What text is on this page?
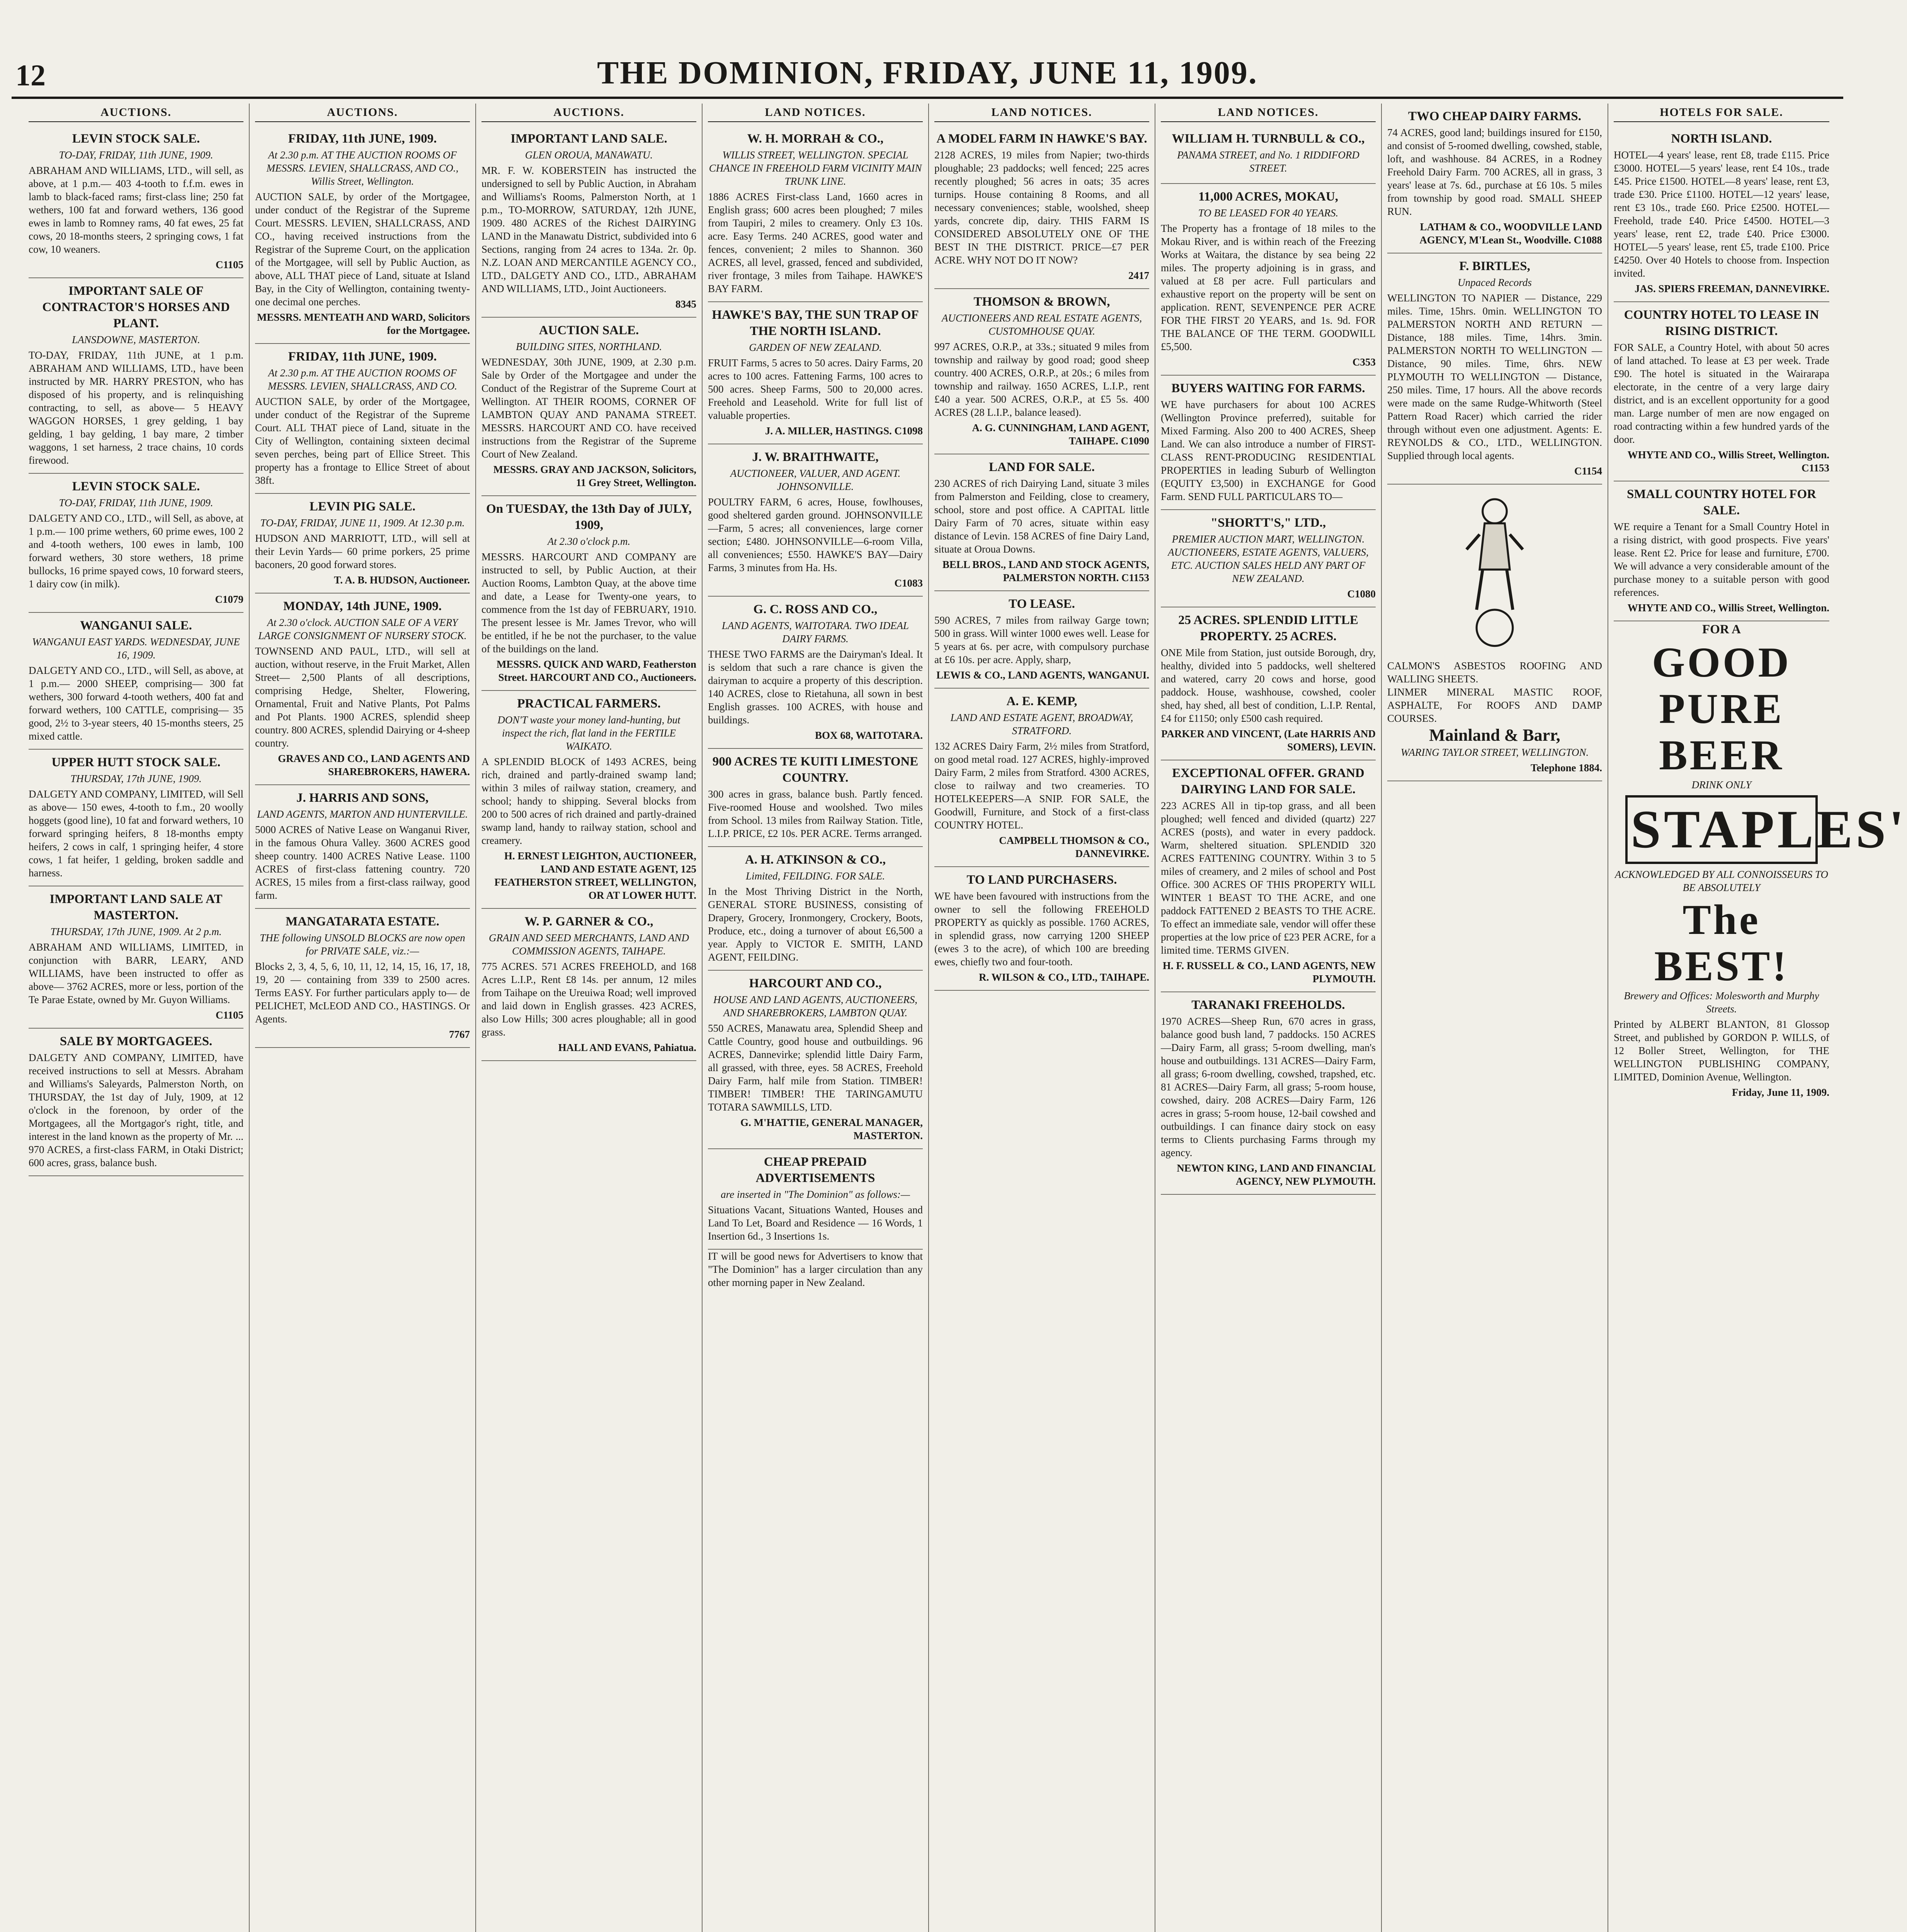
12	THE DOMINION, FRIDAY, JUNE 11, 1909.
AUCTIONS.
LEVIN STOCK SALE.
TO-DAY, FRIDAY, 11th JUNE, 1909.
ABRAHAM AND WILLIAMS, LTD., will sell, as above, at 1 p.m.— 403 4-tooth to f.f.m. ewes in lamb to black-faced rams; first-class line; 250 fat wethers, 100 fat and forward wethers, 136 good ewes in lamb to Romney rams, 40 fat ewes, 25 fat cows, 20 18-months steers, 2 springing cows, 1 fat cow, 10 weaners.
C1105
IMPORTANT SALE OF CONTRACTOR'S HORSES AND PLANT.
LANSDOWNE, MASTERTON.
TO-DAY, FRIDAY, 11th JUNE, at 1 p.m. ABRAHAM AND WILLIAMS, LTD., have been instructed by MR. HARRY PRESTON, who has disposed of his property, and is relinquishing contracting, to sell, as above— 5 HEAVY WAGGON HORSES, 1 grey gelding, 1 bay gelding, 1 bay gelding, 1 bay mare, 2 timber waggons, 1 set harness, 2 trace chains, 10 cords firewood.
LEVIN STOCK SALE.
TO-DAY, FRIDAY, 11th JUNE, 1909.
DALGETY AND CO., LTD., will Sell, as above, at 1 p.m.— 100 prime wethers, 60 prime ewes, 100 2 and 4-tooth wethers, 100 ewes in lamb, 100 forward wethers, 30 store wethers, 18 prime bullocks, 16 prime spayed cows, 10 forward steers, 1 dairy cow (in milk).
C1079
WANGANUI SALE.
WANGANUI EAST YARDS. WEDNESDAY, JUNE 16, 1909.
DALGETY AND CO., LTD., will Sell, as above, at 1 p.m.— 2000 SHEEP, comprising— 300 fat wethers, 300 forward 4-tooth wethers, 400 fat and forward wethers, 100 CATTLE, comprising— 35 good, 2½ to 3-year steers, 40 15-months steers, 25 mixed cattle.
UPPER HUTT STOCK SALE.
THURSDAY, 17th JUNE, 1909.
DALGETY AND COMPANY, LIMITED, will Sell as above— 150 ewes, 4-tooth to f.m., 20 woolly hoggets (good line), 10 fat and forward wethers, 10 forward springing heifers, 8 18-months empty heifers, 2 cows in calf, 1 springing heifer, 4 store cows, 1 fat heifer, 1 gelding, broken saddle and harness.
IMPORTANT LAND SALE AT MASTERTON.
THURSDAY, 17th JUNE, 1909. At 2 p.m.
ABRAHAM AND WILLIAMS, LIMITED, in conjunction with BARR, LEARY, AND WILLIAMS, have been instructed to offer as above— 3762 ACRES, more or less, portion of the Te Parae Estate, owned by Mr. Guyon Williams.
C1105
SALE BY MORTGAGEES.
DALGETY AND COMPANY, LIMITED, have received instructions to sell at Messrs. Abraham and Williams's Saleyards, Palmerston North, on THURSDAY, the 1st day of July, 1909, at 12 o'clock in the forenoon, by order of the Mortgagees, all the Mortgagor's right, title, and interest in the land known as the property of Mr. ... 970 ACRES, a first-class FARM, in Otaki District; 600 acres, grass, balance bush.
AUCTIONS.
FRIDAY, 11th JUNE, 1909.
At 2.30 p.m. AT THE AUCTION ROOMS OF MESSRS. LEVIEN, SHALLCRASS, AND CO., Willis Street, Wellington.
AUCTION SALE, by order of the Mortgagee, under conduct of the Registrar of the Supreme Court. MESSRS. LEVIEN, SHALLCRASS, AND CO., having received instructions from the Registrar of the Supreme Court, on the application of the Mortgagee, will sell by Public Auction, as above, ALL THAT piece of Land, situate at Island Bay, in the City of Wellington, containing twenty-one decimal one perches.
MESSRS. MENTEATH AND WARD, Solicitors for the Mortgagee.
FRIDAY, 11th JUNE, 1909.
At 2.30 p.m. AT THE AUCTION ROOMS OF MESSRS. LEVIEN, SHALLCRASS, AND CO.
AUCTION SALE, by order of the Mortgagee, under conduct of the Registrar of the Supreme Court. ALL THAT piece of Land, situate in the City of Wellington, containing sixteen decimal seven perches, being part of Ellice Street. This property has a frontage to Ellice Street of about 38ft.
LEVIN PIG SALE.
TO-DAY, FRIDAY, JUNE 11, 1909. At 12.30 p.m.
HUDSON AND MARRIOTT, LTD., will sell at their Levin Yards— 60 prime porkers, 25 prime baconers, 20 good forward stores.
T. A. B. HUDSON, Auctioneer.
MONDAY, 14th JUNE, 1909.
At 2.30 o'clock. AUCTION SALE OF A VERY LARGE CONSIGNMENT OF NURSERY STOCK.
TOWNSEND AND PAUL, LTD., will sell at auction, without reserve, in the Fruit Market, Allen Street— 2,500 Plants of all descriptions, comprising Hedge, Shelter, Flowering, Ornamental, Fruit and Native Plants, Pot Palms and Pot Plants. 1900 ACRES, splendid sheep country. 800 ACRES, splendid Dairying or 4-sheep country.
GRAVES AND CO., LAND AGENTS AND SHAREBROKERS, HAWERA.
J. HARRIS AND SONS,
LAND AGENTS, MARTON AND HUNTERVILLE.
5000 ACRES of Native Lease on Wanganui River, in the famous Ohura Valley. 3600 ACRES good sheep country. 1400 ACRES Native Lease. 1100 ACRES of first-class fattening country. 720 ACRES, 15 miles from a first-class railway, good farm.
MANGATARATA ESTATE.
THE following UNSOLD BLOCKS are now open for PRIVATE SALE, viz.:—
Blocks 2, 3, 4, 5, 6, 10, 11, 12, 14, 15, 16, 17, 18, 19, 20 — containing from 339 to 2500 acres. Terms EASY. For further particulars apply to— de PELICHET, McLEOD AND CO., HASTINGS. Or Agents.
7767
AUCTIONS.
IMPORTANT LAND SALE.
GLEN OROUA, MANAWATU.
MR. F. W. KOBERSTEIN has instructed the undersigned to sell by Public Auction, in Abraham and Williams's Rooms, Palmerston North, at 1 p.m., TO-MORROW, SATURDAY, 12th JUNE, 1909. 480 ACRES of the Richest DAIRYING LAND in the Manawatu District, subdivided into 6 Sections, ranging from 24 acres to 134a. 2r. 0p. N.Z. LOAN AND MERCANTILE AGENCY CO., LTD., DALGETY AND CO., LTD., ABRAHAM AND WILLIAMS, LTD., Joint Auctioneers.
8345
AUCTION SALE.
BUILDING SITES, NORTHLAND.
WEDNESDAY, 30th JUNE, 1909, at 2.30 p.m. Sale by Order of the Mortgagee and under the Conduct of the Registrar of the Supreme Court at Wellington. AT THEIR ROOMS, CORNER OF LAMBTON QUAY AND PANAMA STREET. MESSRS. HARCOURT AND CO. have received instructions from the Registrar of the Supreme Court of New Zealand.
MESSRS. GRAY AND JACKSON, Solicitors, 11 Grey Street, Wellington.
On TUESDAY, the 13th Day of JULY, 1909,
At 2.30 o'clock p.m.
MESSRS. HARCOURT AND COMPANY are instructed to sell, by Public Auction, at their Auction Rooms, Lambton Quay, at the above time and date, a Lease for Twenty-one years, to commence from the 1st day of FEBRUARY, 1910. The present lessee is Mr. James Trevor, who will be entitled, if he be not the purchaser, to the value of the buildings on the land.
MESSRS. QUICK AND WARD, Featherston Street. HARCOURT AND CO., Auctioneers.
PRACTICAL FARMERS.
DON'T waste your money land-hunting, but inspect the rich, flat land in the FERTILE WAIKATO.
A SPLENDID BLOCK of 1493 ACRES, being rich, drained and partly-drained swamp land; within 3 miles of railway station, creamery, and school; handy to shipping. Several blocks from 200 to 500 acres of rich drained and partly-drained swamp land, handy to railway station, school and creamery.
H. ERNEST LEIGHTON, AUCTIONEER, LAND AND ESTATE AGENT, 125 FEATHERSTON STREET, WELLINGTON, OR AT LOWER HUTT.
W. P. GARNER & CO.,
GRAIN AND SEED MERCHANTS, LAND AND COMMISSION AGENTS, TAIHAPE.
775 ACRES. 571 ACRES FREEHOLD, and 168 Acres L.I.P., Rent £8 14s. per annum, 12 miles from Taihape on the Ureuiwa Road; well improved and laid down in English grasses. 423 ACRES, also Low Hills; 300 acres ploughable; all in good grass.
HALL AND EVANS, Pahiatua.
LAND NOTICES.
W. H. MORRAH & CO.,
WILLIS STREET, WELLINGTON. SPECIAL CHANCE IN FREEHOLD FARM VICINITY MAIN TRUNK LINE.
1886 ACRES First-class Land, 1660 acres in English grass; 600 acres been ploughed; 7 miles from Taupiri, 2 miles to creamery. Only £3 10s. acre. Easy Terms. 240 ACRES, good water and fences, convenient; 2 miles to Shannon. 360 ACRES, all level, grassed, fenced and subdivided, river frontage, 3 miles from Taihape. HAWKE'S BAY FARM.
HAWKE'S BAY, THE SUN TRAP OF THE NORTH ISLAND.
GARDEN OF NEW ZEALAND.
FRUIT Farms, 5 acres to 50 acres. Dairy Farms, 20 acres to 100 acres. Fattening Farms, 100 acres to 500 acres. Sheep Farms, 500 to 20,000 acres. Freehold and Leasehold. Write for full list of valuable properties.
J. A. MILLER, HASTINGS. C1098
J. W. BRAITHWAITE,
AUCTIONEER, VALUER, AND AGENT. JOHNSONVILLE.
POULTRY FARM, 6 acres, House, fowlhouses, good sheltered garden ground. JOHNSONVILLE—Farm, 5 acres; all conveniences, large corner section; £480. JOHNSONVILLE—6-room Villa, all conveniences; £550. HAWKE'S BAY—Dairy Farms, 3 minutes from Ha. Hs.
C1083
G. C. ROSS AND CO.,
LAND AGENTS, WAITOTARA. TWO IDEAL DAIRY FARMS.
THESE TWO FARMS are the Dairyman's Ideal. It is seldom that such a rare chance is given the dairyman to acquire a property of this description. 140 ACRES, close to Rietahuna, all sown in best English grasses. 100 ACRES, with house and buildings.
BOX 68, WAITOTARA.
900 ACRES TE KUITI LIMESTONE COUNTRY.
300 acres in grass, balance bush. Partly fenced. Five-roomed House and woolshed. Two miles from School. 13 miles from Railway Station. Title, L.I.P. PRICE, £2 10s. PER ACRE. Terms arranged.
A. H. ATKINSON & CO.,
Limited, FEILDING. FOR SALE.
In the Most Thriving District in the North, GENERAL STORE BUSINESS, consisting of Drapery, Grocery, Ironmongery, Crockery, Boots, Produce, etc., doing a turnover of about £6,500 a year. Apply to VICTOR E. SMITH, LAND AGENT, FEILDING.
HARCOURT AND CO.,
HOUSE AND LAND AGENTS, AUCTIONEERS, AND SHAREBROKERS, LAMBTON QUAY.
550 ACRES, Manawatu area, Splendid Sheep and Cattle Country, good house and outbuildings. 96 ACRES, Dannevirke; splendid little Dairy Farm, all grassed, with three, eyes. 58 ACRES, Freehold Dairy Farm, half mile from Station. TIMBER! TIMBER! TIMBER! THE TARINGAMUTU TOTARA SAWMILLS, LTD.
G. M'HATTIE, GENERAL MANAGER, MASTERTON.
CHEAP PREPAID ADVERTISEMENTS
are inserted in "The Dominion" as follows:—
Situations Vacant, Situations Wanted, Houses and Land To Let, Board and Residence — 16 Words, 1 Insertion 6d., 3 Insertions 1s.
IT will be good news for Advertisers to know that "The Dominion" has a larger circulation than any other morning paper in New Zealand.
LAND NOTICES.
A MODEL FARM IN HAWKE'S BAY.
2128 ACRES, 19 miles from Napier; two-thirds ploughable; 23 paddocks; well fenced; 225 acres recently ploughed; 56 acres in oats; 35 acres turnips. House containing 8 Rooms, and all necessary conveniences; stable, woolshed, sheep yards, concrete dip, dairy. THIS FARM IS CONSIDERED ABSOLUTELY ONE OF THE BEST IN THE DISTRICT. PRICE—£7 PER ACRE. WHY NOT DO IT NOW?
2417
THOMSON & BROWN,
AUCTIONEERS AND REAL ESTATE AGENTS, CUSTOMHOUSE QUAY.
997 ACRES, O.R.P., at 33s.; situated 9 miles from township and railway by good road; good sheep country. 400 ACRES, O.R.P., at 20s.; 6 miles from township and railway. 1650 ACRES, L.I.P., rent £40 a year. 500 ACRES, O.R.P., at £5 5s. 400 ACRES (28 L.I.P., balance leased).
A. G. CUNNINGHAM, LAND AGENT, TAIHAPE. C1090
LAND FOR SALE.
230 ACRES of rich Dairying Land, situate 3 miles from Palmerston and Feilding, close to creamery, school, store and post office. A CAPITAL little Dairy Farm of 70 acres, situate within easy distance of Levin. 158 ACRES of fine Dairy Land, situate at Oroua Downs.
BELL BROS., LAND AND STOCK AGENTS, PALMERSTON NORTH. C1153
TO LEASE.
590 ACRES, 7 miles from railway Garge town; 500 in grass. Will winter 1000 ewes well. Lease for 5 years at 6s. per acre, with compulsory purchase at £6 10s. per acre. Apply, sharp,
LEWIS & CO., LAND AGENTS, WANGANUI.
A. E. KEMP,
LAND AND ESTATE AGENT, BROADWAY, STRATFORD.
132 ACRES Dairy Farm, 2½ miles from Stratford, on good metal road. 127 ACRES, highly-improved Dairy Farm, 2 miles from Stratford. 4300 ACRES, close to railway and two creameries. TO HOTELKEEPERS—A SNIP. FOR SALE, the Goodwill, Furniture, and Stock of a first-class COUNTRY HOTEL.
CAMPBELL THOMSON & CO., DANNEVIRKE.
TO LAND PURCHASERS.
WE have been favoured with instructions from the owner to sell the following FREEHOLD PROPERTY as quickly as possible. 1760 ACRES, in splendid grass, now carrying 1200 SHEEP (ewes 3 to the acre), of which 100 are breeding ewes, chiefly two and four-tooth.
R. WILSON & CO., LTD., TAIHAPE.
LAND NOTICES.
WILLIAM H. TURNBULL & CO.,
PANAMA STREET, and No. 1 RIDDIFORD STREET.
11,000 ACRES, MOKAU,
TO BE LEASED FOR 40 YEARS.
The Property has a frontage of 18 miles to the Mokau River, and is within reach of the Freezing Works at Waitara, the distance by sea being 22 miles. The property adjoining is in grass, and valued at £8 per acre. Full particulars and exhaustive report on the property will be sent on application. RENT, SEVENPENCE PER ACRE FOR THE FIRST 20 YEARS, and 1s. 9d. FOR THE BALANCE OF THE TERM. GOODWILL £5,500.
C353
BUYERS WAITING FOR FARMS.
WE have purchasers for about 100 ACRES (Wellington Province preferred), suitable for Mixed Farming. Also 200 to 400 ACRES, Sheep Land. We can also introduce a number of FIRST-CLASS RENT-PRODUCING RESIDENTIAL PROPERTIES in leading Suburb of Wellington (EQUITY £3,500) in EXCHANGE for Good Farm. SEND FULL PARTICULARS TO—
"SHORTT'S," LTD.,
PREMIER AUCTION MART, WELLINGTON. AUCTIONEERS, ESTATE AGENTS, VALUERS, ETC. AUCTION SALES HELD ANY PART OF NEW ZEALAND.
C1080
25 ACRES. SPLENDID LITTLE PROPERTY. 25 ACRES.
ONE Mile from Station, just outside Borough, dry, healthy, divided into 5 paddocks, well sheltered and watered, carry 20 cows and horse, good paddock. House, washhouse, cowshed, cooler shed, hay shed, all best of condition, L.I.P. Rental, £4 for £1150; only £500 cash required.
PARKER AND VINCENT, (Late HARRIS AND SOMERS), LEVIN.
EXCEPTIONAL OFFER. GRAND DAIRYING LAND FOR SALE.
223 ACRES All in tip-top grass, and all been ploughed; well fenced and divided (quartz) 227 ACRES (posts), and water in every paddock. Warm, sheltered situation. SPLENDID 320 ACRES FATTENING COUNTRY. Within 3 to 5 miles of creamery, and 2 miles of school and Post Office. 300 ACRES OF THIS PROPERTY WILL WINTER 1 BEAST TO THE ACRE, and one paddock FATTENED 2 BEASTS TO THE ACRE. To effect an immediate sale, vendor will offer these properties at the low price of £23 PER ACRE, for a limited time. TERMS GIVEN.
H. F. RUSSELL & CO., LAND AGENTS, NEW PLYMOUTH.
TARANAKI FREEHOLDS.
1970 ACRES—Sheep Run, 670 acres in grass, balance good bush land, 7 paddocks. 150 ACRES—Dairy Farm, all grass; 5-room dwelling, man's house and outbuildings. 131 ACRES—Dairy Farm, all grass; 6-room dwelling, cowshed, trapshed, etc. 81 ACRES—Dairy Farm, all grass; 5-room house, cowshed, dairy. 208 ACRES—Dairy Farm, 126 acres in grass; 5-room house, 12-bail cowshed and outbuildings. I can finance dairy stock on easy terms to Clients purchasing Farms through my agency.
NEWTON KING, LAND AND FINANCIAL AGENCY, NEW PLYMOUTH.
TWO CHEAP DAIRY FARMS.
74 ACRES, good land; buildings insured for £150, and consist of 5-roomed dwelling, cowshed, stable, loft, and washhouse. 84 ACRES, in a Rodney Freehold Dairy Farm. 700 ACRES, all in grass, 3 years' lease at 7s. 6d., purchase at £6 10s. 5 miles from township by good road. SMALL SHEEP RUN.
LATHAM & CO., WOODVILLE LAND AGENCY, M'Lean St., Woodville. C1088
F. BIRTLES,
Unpaced Records
WELLINGTON TO NAPIER — Distance, 229 miles. Time, 15hrs. 0min. WELLINGTON TO PALMERSTON NORTH AND RETURN — Distance, 188 miles. Time, 14hrs. 3min. PALMERSTON NORTH TO WELLINGTON — Distance, 90 miles. Time, 6hrs. NEW PLYMOUTH TO WELLINGTON — Distance, 250 miles. Time, 17 hours. All the above records were made on the same Rudge-Whitworth (Steel Pattern Road Racer) which carried the rider through without even one adjustment. Agents: E. REYNOLDS & CO., LTD., WELLINGTON. Supplied through local agents.
C1154
CALMON'S ASBESTOS ROOFING AND WALLING SHEETS.
LINMER MINERAL MASTIC ROOF, ASPHALTE, For ROOFS AND DAMP COURSES.
Mainland & Barr,
WARING TAYLOR STREET, WELLINGTON.
Telephone 1884.
HOTELS FOR SALE.
NORTH ISLAND.
HOTEL—4 years' lease, rent £8, trade £115. Price £3000. HOTEL—5 years' lease, rent £4 10s., trade £45. Price £1500. HOTEL—8 years' lease, rent £3, trade £30. Price £1100. HOTEL—12 years' lease, rent £3 10s., trade £60. Price £2500. HOTEL—Freehold, trade £40. Price £4500. HOTEL—3 years' lease, rent £2, trade £40. Price £3000. HOTEL—5 years' lease, rent £5, trade £100. Price £4250. Over 40 Hotels to choose from. Inspection invited.
JAS. SPIERS FREEMAN, DANNEVIRKE.
COUNTRY HOTEL TO LEASE IN RISING DISTRICT.
FOR SALE, a Country Hotel, with about 50 acres of land attached. To lease at £3 per week. Trade £90. The hotel is situated in the Wairarapa electorate, in the centre of a very large dairy district, and is an excellent opportunity for a good man. Large number of men are now engaged on road contracting within a few hundred yards of the door.
WHYTE AND CO., Willis Street, Wellington. C1153
SMALL COUNTRY HOTEL FOR SALE.
WE require a Tenant for a Small Country Hotel in a rising district, with good prospects. Five years' lease. Rent £2. Price for lease and furniture, £700. We will advance a very considerable amount of the purchase money to a suitable person with good references.
WHYTE AND CO., Willis Street, Wellington.
FOR A
GOOD PURE BEER
DRINK ONLY
STAPLES'
ACKNOWLEDGED BY ALL CONNOISSEURS TO BE ABSOLUTELY
The BEST!
Brewery and Offices: Molesworth and Murphy Streets.
Printed by ALBERT BLANTON, 81 Glossop Street, and published by GORDON P. WILLS, of 12 Boller Street, Wellington, for THE WELLINGTON PUBLISHING COMPANY, LIMITED, Dominion Avenue, Wellington.
Friday, June 11, 1909.
